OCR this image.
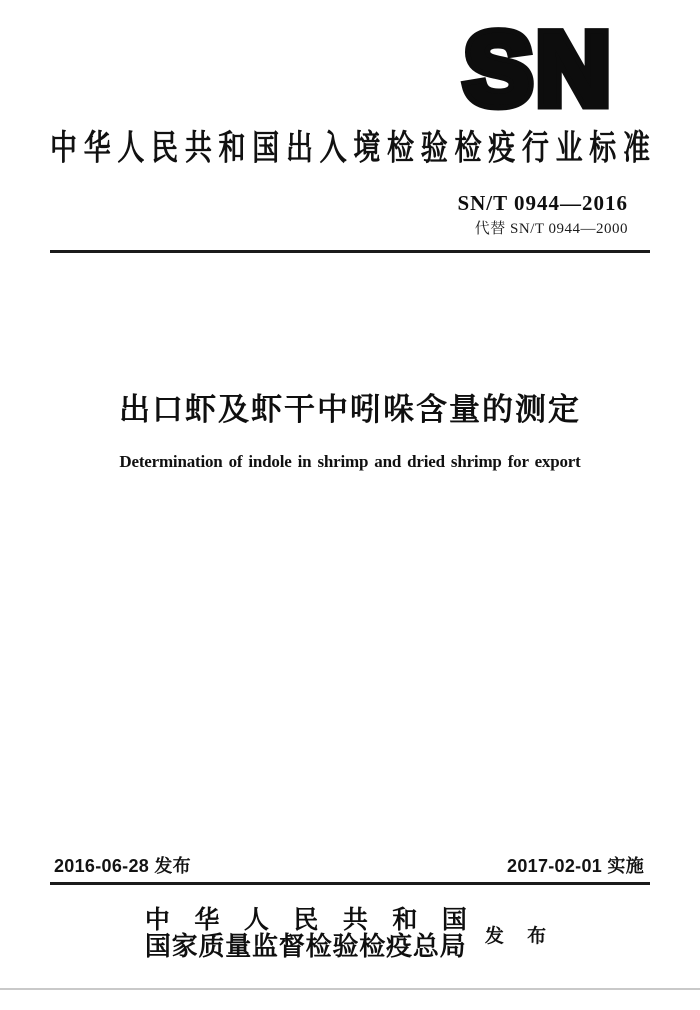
SN
中华人民共和国出入境检验检疫行业标准
SN/T 0944—2016
代替 SN/T 0944—2000
出口虾及虾干中吲哚含量的测定
Determination of indole in shrimp and dried shrimp for export
2016-06-28 发布	2017-02-01 实施
中华人民共和国
国家质量监督检验检疫总局 发 布
